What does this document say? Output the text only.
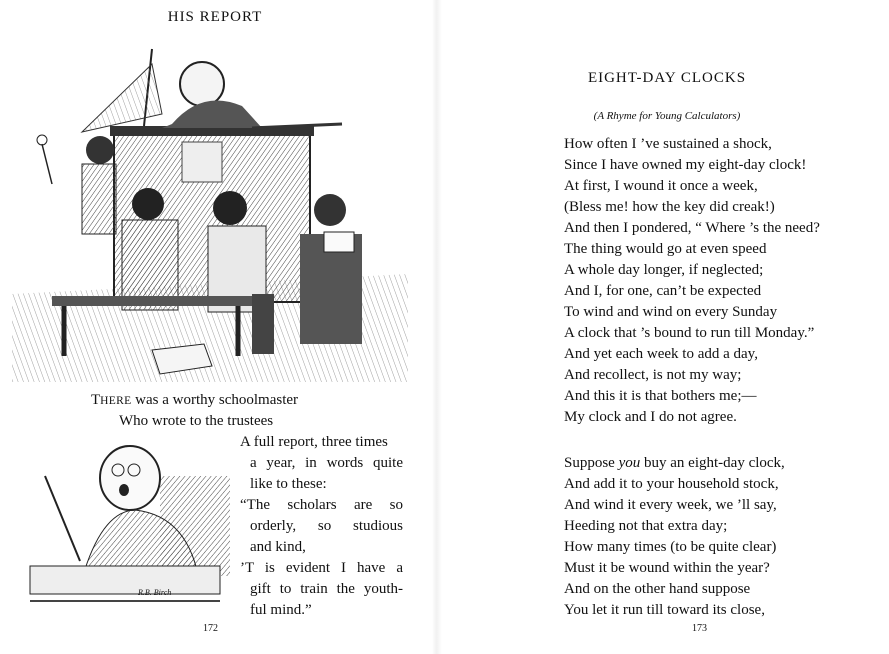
HIS REPORT
THERE was a worthy schoolmaster
Who wrote to the trustees
A full report, three times
a year, in words quite
like to these:
“The scholars are so
orderly, so studious
and kind,
’T is evident I have a
gift to train the youth-
ful mind.”
R.B. Birch
172
EIGHT-DAY CLOCKS
(A Rhyme for Young Calculators)
How often I ’ve sustained a shock,
Since I have owned my eight-day clock!
At first, I wound it once a week,
(Bless me! how the key did creak!)
And then I pondered, “ Where ’s the need?
The thing would go at even speed
A whole day longer, if neglected;
And I, for one, can’t be expected
To wind and wind on every Sunday
A clock that ’s bound to run till Monday.”
And yet each week to add a day,
And recollect, is not my way;
And this it is that bothers me;—
My clock and I do not agree.
Suppose you buy an eight-day clock,
And add it to your household stock,
And wind it every week, we ’ll say,
Heeding not that extra day;
How many times (to be quite clear)
Must it be wound within the year?
And on the other hand suppose
You let it run till toward its close,
173
